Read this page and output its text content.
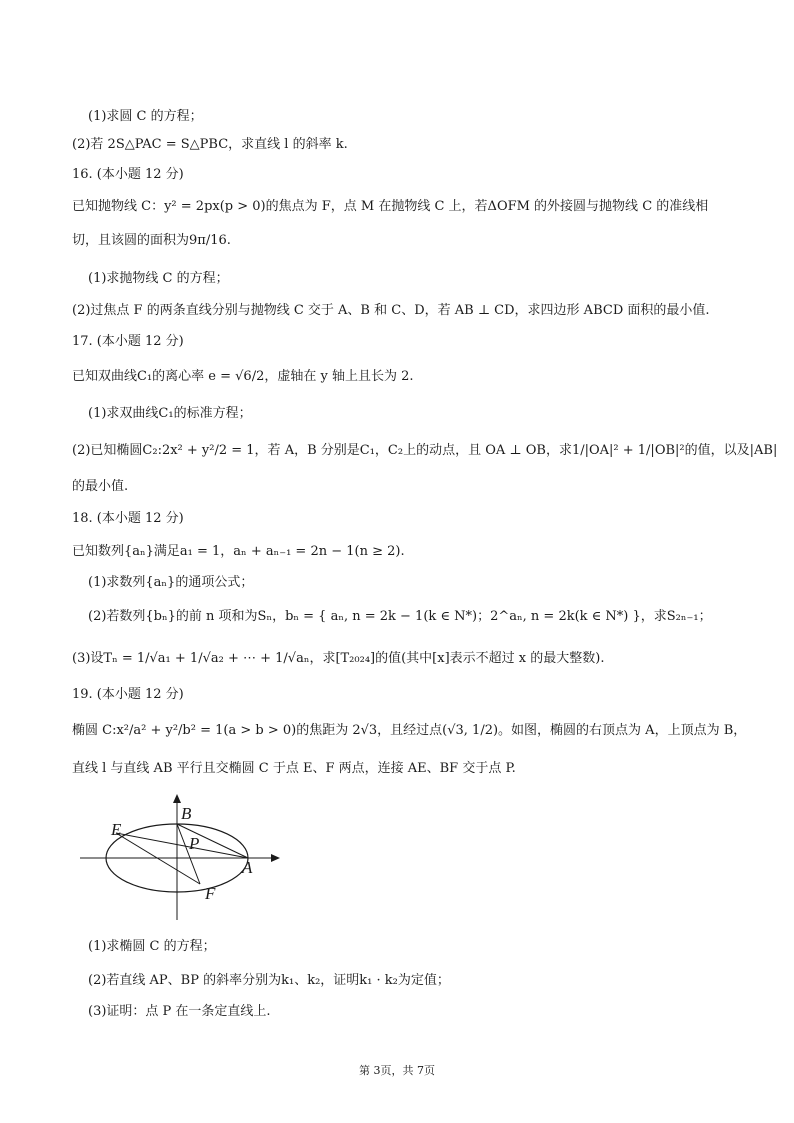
(1)求圆 C 的方程；
(2)若 2S△PAC = S△PBC，求直线 l 的斜率 k.
16. (本小题 12 分)
已知抛物线 C：y² = 2px(p > 0)的焦点为 F，点 M 在抛物线 C 上，若ΔOFM 的外接圆与抛物线 C 的准线相
切，且该圆的面积为9π/16.
(1)求抛物线 C 的方程；
(2)过焦点 F 的两条直线分别与抛物线 C 交于 A、B 和 C、D，若 AB ⊥ CD，求四边形 ABCD 面积的最小值.
17. (本小题 12 分)
已知双曲线C₁的离心率 e = √6/2，虚轴在 y 轴上且长为 2.
(1)求双曲线C₁的标准方程；
(2)已知椭圆C₂:2x² + y²/2 = 1，若 A，B 分别是C₁，C₂上的动点，且 OA ⊥ OB，求1/|OA|² + 1/|OB|²的值，以及|AB|
的最小值.
18. (本小题 12 分)
已知数列{aₙ}满足a₁ = 1，aₙ + aₙ₋₁ = 2n − 1(n ≥ 2).
(1)求数列{aₙ}的通项公式；
(2)若数列{bₙ}的前 n 项和为Sₙ，bₙ = { aₙ, n = 2k − 1(k ∈ N*)；2^aₙ, n = 2k(k ∈ N*) }，求S₂ₙ₋₁；
(3)设Tₙ = 1/√a₁ + 1/√a₂ + ⋯ + 1/√aₙ，求[T₂₀₂₄]的值(其中[x]表示不超过 x 的最大整数).
19. (本小题 12 分)
椭圆 C:x²/a² + y²/b² = 1(a > b > 0)的焦距为 2√3，且经过点(√3, 1/2)。如图，椭圆的右顶点为 A，上顶点为 B，
直线 l 与直线 AB 平行且交椭圆 C 于点 E、F 两点，连接 AE、BF 交于点 P.
(1)求椭圆 C 的方程；
(2)若直线 AP、BP 的斜率分别为k₁、k₂，证明k₁ · k₂为定值；
(3)证明：点 P 在一条定直线上.
B
E
P
A
F
第 3页，共 7页
